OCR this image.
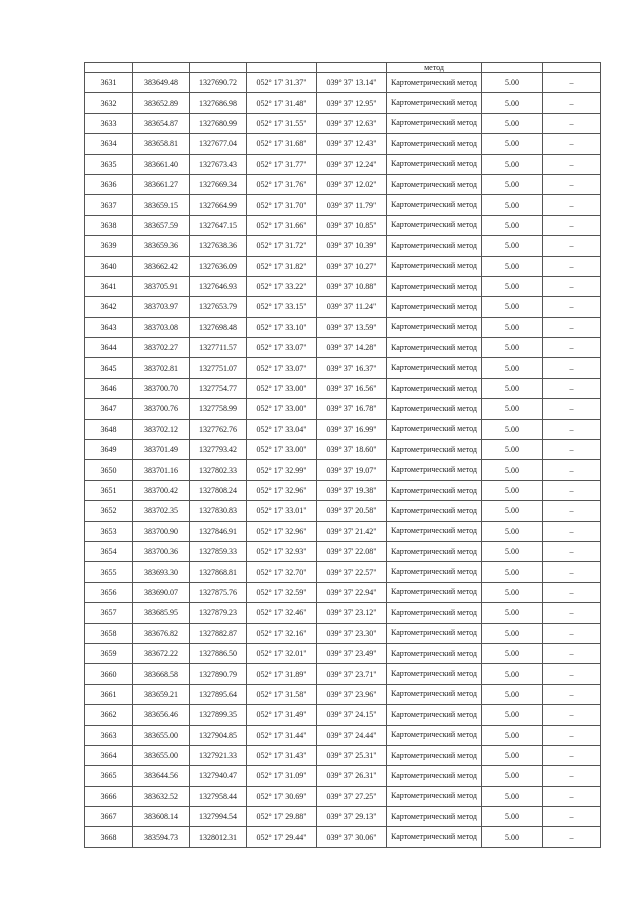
					метод		
3631	383649.48	1327690.72	052° 17' 31.37"	039° 37' 13.14"	Картометрический метод	5.00	–
3632	383652.89	1327686.98	052° 17' 31.48"	039° 37' 12.95"	Картометрический метод	5.00	–
3633	383654.87	1327680.99	052° 17' 31.55"	039° 37' 12.63"	Картометрический метод	5.00	–
3634	383658.81	1327677.04	052° 17' 31.68"	039° 37' 12.43"	Картометрический метод	5.00	–
3635	383661.40	1327673.43	052° 17' 31.77"	039° 37' 12.24"	Картометрический метод	5.00	–
3636	383661.27	1327669.34	052° 17' 31.76"	039° 37' 12.02"	Картометрический метод	5.00	–
3637	383659.15	1327664.99	052° 17' 31.70"	039° 37' 11.79"	Картометрический метод	5.00	–
3638	383657.59	1327647.15	052° 17' 31.66"	039° 37' 10.85"	Картометрический метод	5.00	–
3639	383659.36	1327638.36	052° 17' 31.72"	039° 37' 10.39"	Картометрический метод	5.00	–
3640	383662.42	1327636.09	052° 17' 31.82"	039° 37' 10.27"	Картометрический метод	5.00	–
3641	383705.91	1327646.93	052° 17' 33.22"	039° 37' 10.88"	Картометрический метод	5.00	–
3642	383703.97	1327653.79	052° 17' 33.15"	039° 37' 11.24"	Картометрический метод	5.00	–
3643	383703.08	1327698.48	052° 17' 33.10"	039° 37' 13.59"	Картометрический метод	5.00	–
3644	383702.27	1327711.57	052° 17' 33.07"	039° 37' 14.28"	Картометрический метод	5.00	–
3645	383702.81	1327751.07	052° 17' 33.07"	039° 37' 16.37"	Картометрический метод	5.00	–
3646	383700.70	1327754.77	052° 17' 33.00"	039° 37' 16.56"	Картометрический метод	5.00	–
3647	383700.76	1327758.99	052° 17' 33.00"	039° 37' 16.78"	Картометрический метод	5.00	–
3648	383702.12	1327762.76	052° 17' 33.04"	039° 37' 16.99"	Картометрический метод	5.00	–
3649	383701.49	1327793.42	052° 17' 33.00"	039° 37' 18.60"	Картометрический метод	5.00	–
3650	383701.16	1327802.33	052° 17' 32.99"	039° 37' 19.07"	Картометрический метод	5.00	–
3651	383700.42	1327808.24	052° 17' 32.96"	039° 37' 19.38"	Картометрический метод	5.00	–
3652	383702.35	1327830.83	052° 17' 33.01"	039° 37' 20.58"	Картометрический метод	5.00	–
3653	383700.90	1327846.91	052° 17' 32.96"	039° 37' 21.42"	Картометрический метод	5.00	–
3654	383700.36	1327859.33	052° 17' 32.93"	039° 37' 22.08"	Картометрический метод	5.00	–
3655	383693.30	1327868.81	052° 17' 32.70"	039° 37' 22.57"	Картометрический метод	5.00	–
3656	383690.07	1327875.76	052° 17' 32.59"	039° 37' 22.94"	Картометрический метод	5.00	–
3657	383685.95	1327879.23	052° 17' 32.46"	039° 37' 23.12"	Картометрический метод	5.00	–
3658	383676.82	1327882.87	052° 17' 32.16"	039° 37' 23.30"	Картометрический метод	5.00	–
3659	383672.22	1327886.50	052° 17' 32.01"	039° 37' 23.49"	Картометрический метод	5.00	–
3660	383668.58	1327890.79	052° 17' 31.89"	039° 37' 23.71"	Картометрический метод	5.00	–
3661	383659.21	1327895.64	052° 17' 31.58"	039° 37' 23.96"	Картометрический метод	5.00	–
3662	383656.46	1327899.35	052° 17' 31.49"	039° 37' 24.15"	Картометрический метод	5.00	–
3663	383655.00	1327904.85	052° 17' 31.44"	039° 37' 24.44"	Картометрический метод	5.00	–
3664	383655.00	1327921.33	052° 17' 31.43"	039° 37' 25.31"	Картометрический метод	5.00	–
3665	383644.56	1327940.47	052° 17' 31.09"	039° 37' 26.31"	Картометрический метод	5.00	–
3666	383632.52	1327958.44	052° 17' 30.69"	039° 37' 27.25"	Картометрический метод	5.00	–
3667	383608.14	1327994.54	052° 17' 29.88"	039° 37' 29.13"	Картометрический метод	5.00	–
3668	383594.73	1328012.31	052° 17' 29.44"	039° 37' 30.06"	Картометрический метод	5.00	–
